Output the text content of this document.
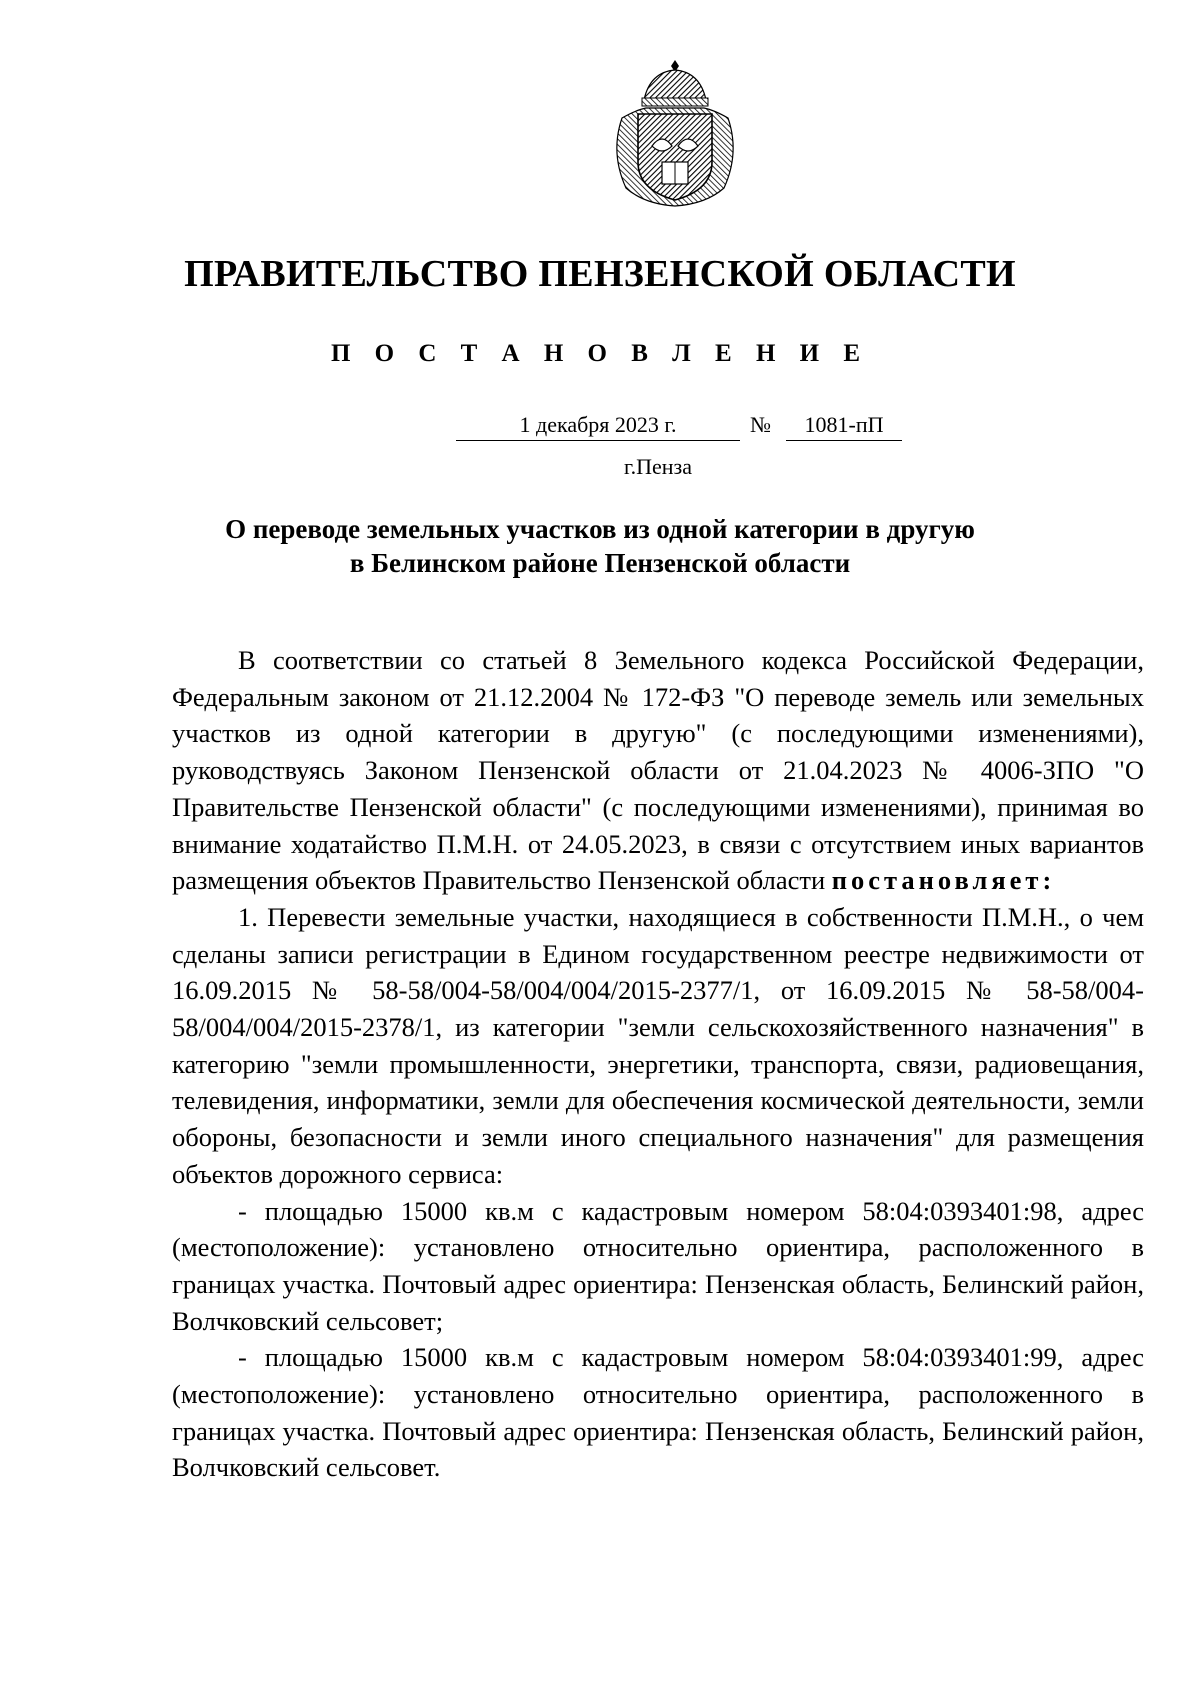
ПРАВИТЕЛЬСТВО ПЕНЗЕНСКОЙ ОБЛАСТИ
П О С Т А Н О В Л Е Н И Е
1 декабря 2023 г.	№	1081-пП
г.Пенза
О переводе земельных участков из одной категории в другую
в Белинском районе Пензенской области

В соответствии со статьей 8 Земельного кодекса Российской Федерации, Федеральным законом от 21.12.2004 № 172-ФЗ "О переводе земель или земельных участков из одной категории в другую" (с последующими изменениями), руководствуясь Законом Пензенской области от 21.04.2023 № 4006-ЗПО "О Правительстве Пензенской области" (с последующими изменениями), принимая во внимание ходатайство П.М.Н. от 24.05.2023, в связи с отсутствием иных вариантов размещения объектов Правительство Пензенской области постановляет:

1. Перевести земельные участки, находящиеся в собственности П.М.Н., о чем сделаны записи регистрации в Едином государственном реестре недвижимости от 16.09.2015 № 58-58/004-58/004/004/2015-2377/1, от 16.09.2015 № 58-58/004-58/004/004/2015-2378/1, из категории "земли сельскохозяйственного назначения" в категорию "земли промышленности, энергетики, транспорта, связи, радиовещания, телевидения, информатики, земли для обеспечения космической деятельности, земли обороны, безопасности и земли иного специального назначения" для размещения объектов дорожного сервиса:

- площадью 15000 кв.м с кадастровым номером 58:04:0393401:98, адрес (местоположение): установлено относительно ориентира, расположенного в границах участка. Почтовый адрес ориентира: Пензенская область, Белинский район, Волчковский сельсовет;

- площадью 15000 кв.м с кадастровым номером 58:04:0393401:99, адрес (местоположение): установлено относительно ориентира, расположенного в границах участка. Почтовый адрес ориентира: Пензенская область, Белинский район, Волчковский сельсовет.
